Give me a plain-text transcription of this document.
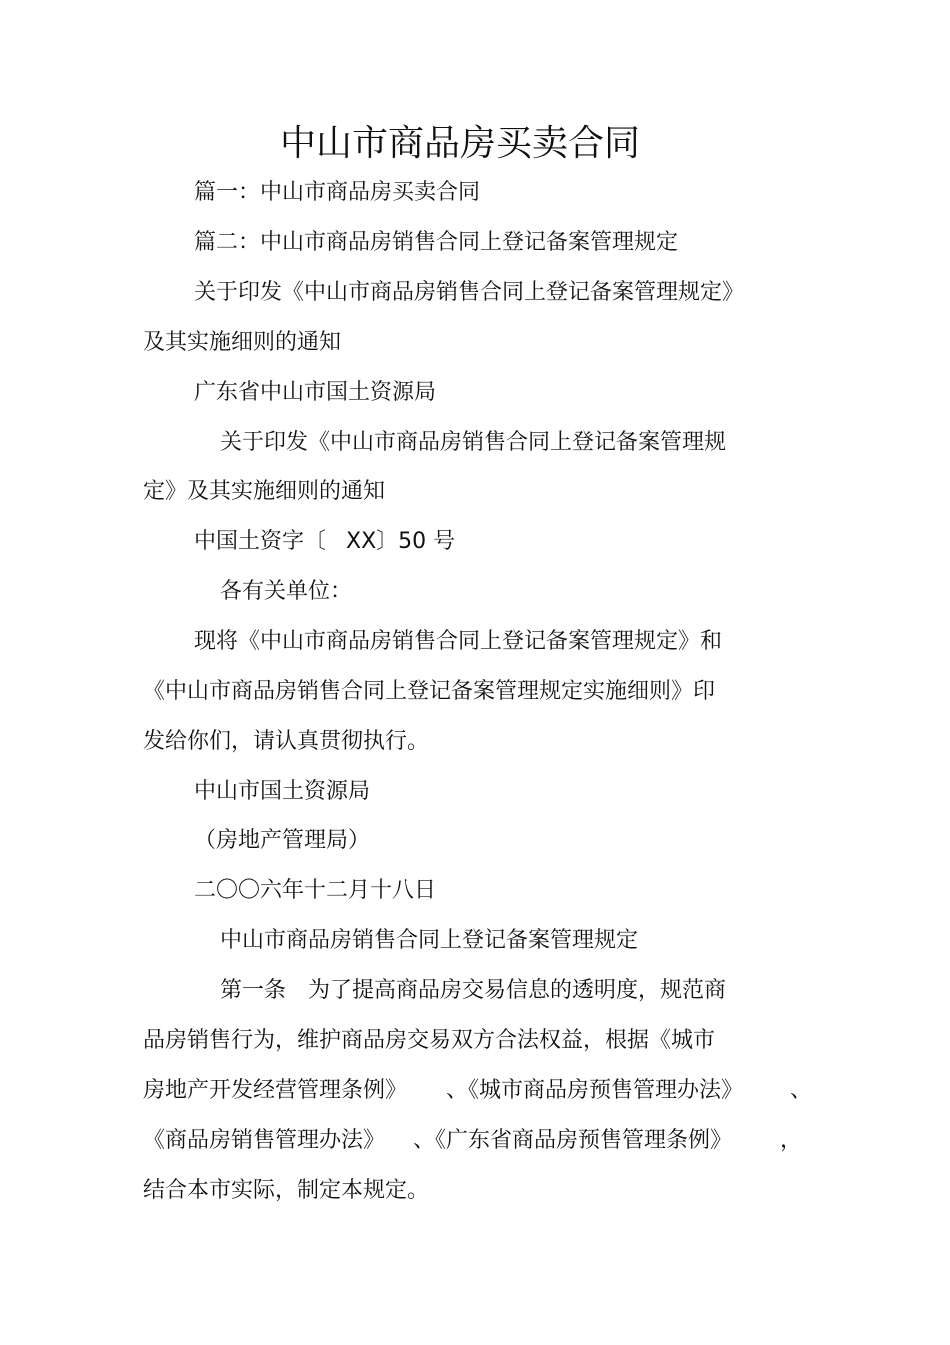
中山市商品房买卖合同
篇一：中山市商品房买卖合同
篇二：中山市商品房销售合同上登记备案管理规定
关于印发《中山市商品房销售合同上登记备案管理规定》
及其实施细则的通知
广东省中山市国土资源局
关于印发《中山市商品房销售合同上登记备案管理规
定》及其实施细则的通知
中国土资字〔 XX〕50 号
各有关单位：
现将《中山市商品房销售合同上登记备案管理规定》和
《中山市商品房销售合同上登记备案管理规定实施细则》印
发给你们，请认真贯彻执行。
中山市国土资源局
（房地产管理局）
二〇〇六年十二月十八日
中山市商品房销售合同上登记备案管理规定
第一条　为了提高商品房交易信息的透明度，规范商
品房销售行为，维护商品房交易双方合法权益，根据《城市
房地产开发经营管理条例》 、《城市商品房预售管理办法》 、
《商品房销售管理办法》 、《广东省商品房预售管理条例》 ，
结合本市实际，制定本规定。
